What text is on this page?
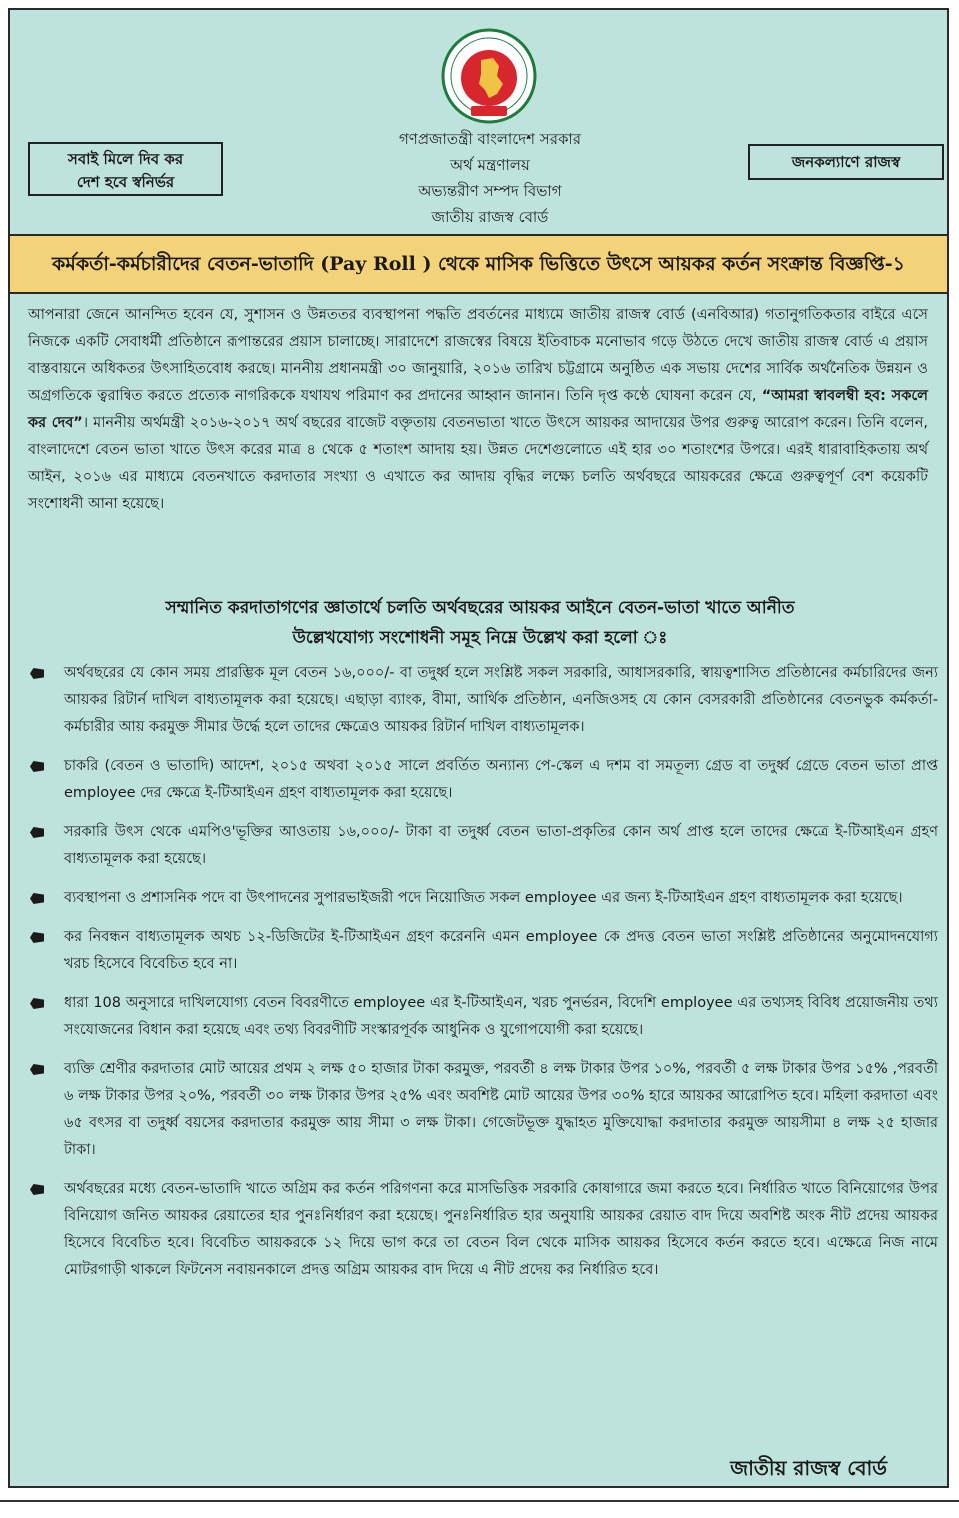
গণপ্রজাতন্ত্রী বাংলাদেশ সরকার
অর্থ মন্ত্রণালয়
অভ্যন্তরীণ সম্পদ বিভাগ
জাতীয় রাজস্ব বোর্ড
সবাই মিলে দিব কর
দেশ হবে স্বনির্ভর
জনকল্যাণে রাজস্ব
কর্মকর্তা-কর্মচারীদের বেতন-ভাতাদি (Pay Roll ) থেকে মাসিক ভিত্তিতে উৎসে আয়কর কর্তন সংক্রান্ত বিজ্ঞপ্তি-১
আপনারা জেনে আনন্দিত হবেন যে, সুশাসন ও উন্নততর ব্যবস্থাপনা পদ্ধতি প্রবর্তনের মাধ্যমে জাতীয় রাজস্ব বোর্ড (এনবিআর) গতানুগতিকতার বাইরে এসে নিজকে একটি সেবাধর্মী প্রতিষ্ঠানে রূপান্তরের প্রয়াস চালাচ্ছে। সারাদেশে রাজস্বের বিষয়ে ইতিবাচক মনোভাব গড়ে উঠতে দেখে জাতীয় রাজস্ব বোর্ড এ প্রয়াস বাস্তবায়নে অধিকতর উৎসাহিতবোধ করছে। মাননীয় প্রধানমন্ত্রী ৩০ জানুয়ারি, ২০১৬ তারিখ চট্টগ্রামে অনুষ্ঠিত এক সভায় দেশের সার্বিক অর্থনৈতিক উন্নয়ন ও অগ্রগতিকে ত্বরান্বিত করতে প্রত্যেক নাগরিককে যথাযথ পরিমাণ কর প্রদানের আহ্বান জানান। তিনি দৃপ্ত কণ্ঠে ঘোষনা করেন যে, “আমরা স্বাবলম্বী হব: সকলে কর দেব”। মাননীয় অর্থমন্ত্রী ২০১৬-২০১৭ অর্থ বছরের বাজেট বক্তৃতায় বেতনভাতা খাতে উৎসে আয়কর আদায়ের উপর গুরুত্ব আরোপ করেন। তিনি বলেন, বাংলাদেশে বেতন ভাতা খাতে উৎস করের মাত্র ৪ থেকে ৫ শতাংশ আদায় হয়। উন্নত দেশেগুলোতে এই হার ৩০ শতাংশের উপরে। এরই ধারাবাহিকতায় অর্থ আইন, ২০১৬ এর মাধ্যমে বেতনখাতে করদাতার সংখ্যা ও এখাতে কর আদায় বৃদ্ধির লক্ষ্যে চলতি অর্থবছরে আয়করের ক্ষেত্রে গুরুত্বপূর্ণ বেশ কয়েকটি সংশোধনী আনা হয়েছে।
সম্মানিত করদাতাগণের জ্ঞাতার্থে চলতি অর্থবছরের আয়কর আইনে বেতন-ভাতা খাতে আনীত
উল্লেখযোগ্য সংশোধনী সমূহ নিম্নে উল্লেখ করা হলো ঃ
অর্থবছরের যে কোন সময় প্রারম্ভিক মূল বেতন ১৬,০০০/- বা তদুর্ধ্ব হলে সংশ্লিষ্ট সকল সরকারি, আধাসরকারি, স্বায়ত্বশাসিত প্রতিষ্ঠানের কর্মচারিদের জন্য আয়কর রিটার্ন দাখিল বাধ্যতামূলক করা হয়েছে। এছাড়া ব্যাংক, বীমা, আর্থিক প্রতিষ্ঠান, এনজিওসহ যে কোন বেসরকারী প্রতিষ্ঠানের বেতনভুক কর্মকর্তা-কর্মচারীর আয় করমুক্ত সীমার উর্দ্ধে হলে তাদের ক্ষেত্রেও আয়কর রিটার্ন দাখিল বাধ্যতামূলক।
চাকরি (বেতন ও ভাতাদি) আদেশ, ২০১৫ অথবা ২০১৫ সালে প্রবর্তিত অন্যান্য পে-স্কেল এ দশম বা সমতূল্য গ্রেড বা তদুর্ধ্ব গ্রেডে বেতন ভাতা প্রাপ্ত employee দের ক্ষেত্রে ই-টিআইএন গ্রহণ বাধ্যতামূলক করা হয়েছে।
সরকারি উৎস থেকে এমপিও'ভূক্তির আওতায় ১৬,০০০/- টাকা বা তদুর্ধ্ব বেতন ভাতা-প্রকৃতির কোন অর্থ প্রাপ্ত হলে তাদের ক্ষেত্রে ই-টিআইএন গ্রহণ বাধ্যতামূলক করা হয়েছে।
ব্যবস্থাপনা ও প্রশাসনিক পদে বা উৎপাদনের সুপারভাইজরী পদে নিয়োজিত সকল employee এর জন্য ই-টিআইএন গ্রহণ বাধ্যতামূলক করা হয়েছে।
কর নিবন্ধন বাধ্যতামূলক অথচ ১২-ডিজিটের ই-টিআইএন গ্রহণ করেননি এমন employee কে প্রদত্ত বেতন ভাতা সংশ্লিষ্ট প্রতিষ্ঠানের অনুমোদনযোগ্য খরচ হিসেবে বিবেচিত হবে না।
ধারা 108 অনুসারে দাখিলযোগ্য বেতন বিবরণীতে employee এর ই-টিআইএন, খরচ পুনর্ভরন, বিদেশি employee এর তথ্যসহ বিবিধ প্রয়োজনীয় তথ্য সংযোজনের বিধান করা হয়েছে এবং তথ্য বিবরণীটি সংস্কারপূর্বক আধুনিক ও যুগোপযোগী করা হয়েছে।
ব্যক্তি শ্রেণীর করদাতার মোট আয়ের প্রথম ২ লক্ষ ৫০ হাজার টাকা করমুক্ত, পরবর্তী ৪ লক্ষ টাকার উপর ১০%, পরবর্তী ৫ লক্ষ টাকার উপর ১৫% ,পরবর্তী ৬ লক্ষ টাকার উপর ২০%, পরবর্তী ৩০ লক্ষ টাকার উপর ২৫% এবং অবশিষ্ট মোট আয়ের উপর ৩০% হারে আয়কর আরোপিত হবে। মহিলা করদাতা এবং ৬৫ বৎসর বা তদুর্ধ্ব বয়সের করদাতার করমুক্ত আয় সীমা ৩ লক্ষ টাকা। গেজেটভূক্ত যুদ্ধাহত মুক্তিযোদ্ধা করদাতার করমুক্ত আয়সীমা ৪ লক্ষ ২৫ হাজার টাকা।
অর্থবছরের মধ্যে বেতন-ভাতাদি খাতে অগ্রিম কর কর্তন পরিগণনা করে মাসভিত্তিক সরকারি কোষাগারে জমা করতে হবে। নির্ধারিত খাতে বিনিয়োগের উপর বিনিয়োগ জনিত আয়কর রেয়াতের হার পুনঃনির্ধারণ করা হয়েছে। পুনঃনির্ধারিত হার অনুযায়ি আয়কর রেয়াত বাদ দিয়ে অবশিষ্ট অংক নীট প্রদেয় আয়কর হিসেবে বিবেচিত হবে। বিবেচিত আয়করকে ১২ দিয়ে ভাগ করে তা বেতন বিল থেকে মাসিক আয়কর হিসেবে কর্তন করতে হবে। এক্ষেত্রে নিজ নামে মোটরগাড়ী থাকলে ফিটনেস নবায়নকালে প্রদত্ত অগ্রিম আয়কর বাদ দিয়ে এ নীট প্রদেয় কর নির্ধারিত হবে।
জাতীয় রাজস্ব বোর্ড
